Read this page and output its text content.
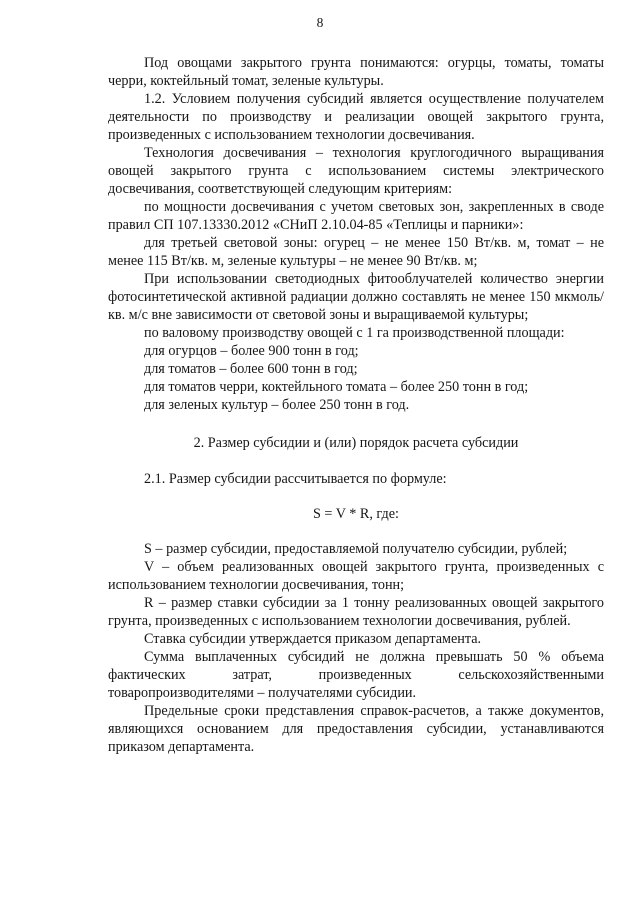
8

Под овощами закрытого грунта понимаются: огурцы, томаты, томаты черри, коктейльный томат, зеленые культуры.

1.2. Условием получения субсидий является осуществление получателем деятельности по производству и реализации овощей закрытого грунта, произведенных с использованием технологии досвечивания.

Технология досвечивания – технология круглогодичного выращивания овощей закрытого грунта с использованием системы электрического досвечивания, соответствующей следующим критериям:

по мощности досвечивания с учетом световых зон, закрепленных в своде правил СП 107.13330.2012 «СНиП 2.10.04-85 «Теплицы и парники»:

для третьей световой зоны: огурец – не менее 150 Вт/кв. м, томат – не менее 115 Вт/кв. м, зеленые культуры – не менее 90 Вт/кв. м;

При использовании светодиодных фитооблучателей количество энергии фотосинтетической активной радиации должно составлять не менее 150 мкмоль/кв. м/с вне зависимости от световой зоны и выращиваемой культуры;

по валовому производству овощей с 1 га производственной площади:

для огурцов – более 900 тонн в год;

для томатов – более 600 тонн в год;

для томатов черри, коктейльного томата – более 250 тонн в год;

для зеленых культур – более 250 тонн в год.

2. Размер субсидии и (или) порядок расчета субсидии

2.1. Размер субсидии рассчитывается по формуле:

S = V * R, где:

S – размер субсидии, предоставляемой получателю субсидии, рублей;

V – объем реализованных овощей закрытого грунта, произведенных с использованием технологии досвечивания, тонн;

R – размер ставки субсидии за 1 тонну реализованных овощей закрытого грунта, произведенных с использованием технологии досвечивания, рублей.

Ставка субсидии утверждается приказом департамента.

Сумма выплаченных субсидий не должна превышать 50 % объема фактических затрат, произведенных сельскохозяйственными товаропроизводителями – получателями субсидии.

Предельные сроки представления справок-расчетов, а также документов, являющихся основанием для предоставления субсидии, устанавливаются приказом департамента.
